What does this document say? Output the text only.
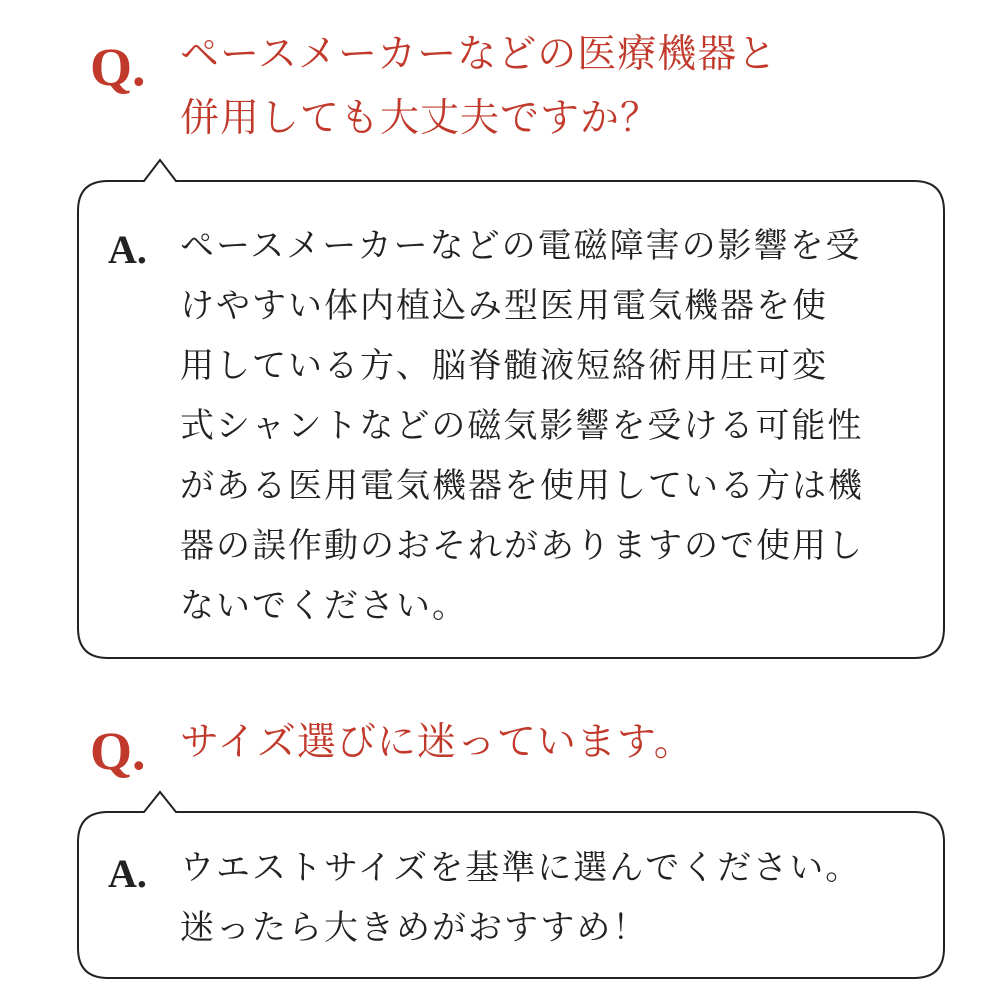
Q. ペースメーカーなどの医療機器と
併用しても大丈夫ですか？
A. ペースメーカーなどの電磁障害の影響を受
けやすい体内植込み型医用電気機器を使
用している方、脳脊髄液短絡術用圧可変
式シャントなどの磁気影響を受ける可能性
がある医用電気機器を使用している方は機
器の誤作動のおそれがありますので使用し
ないでください。
Q. サイズ選びに迷っています。
A. ウエストサイズを基準に選んでください。
迷ったら大きめがおすすめ！
